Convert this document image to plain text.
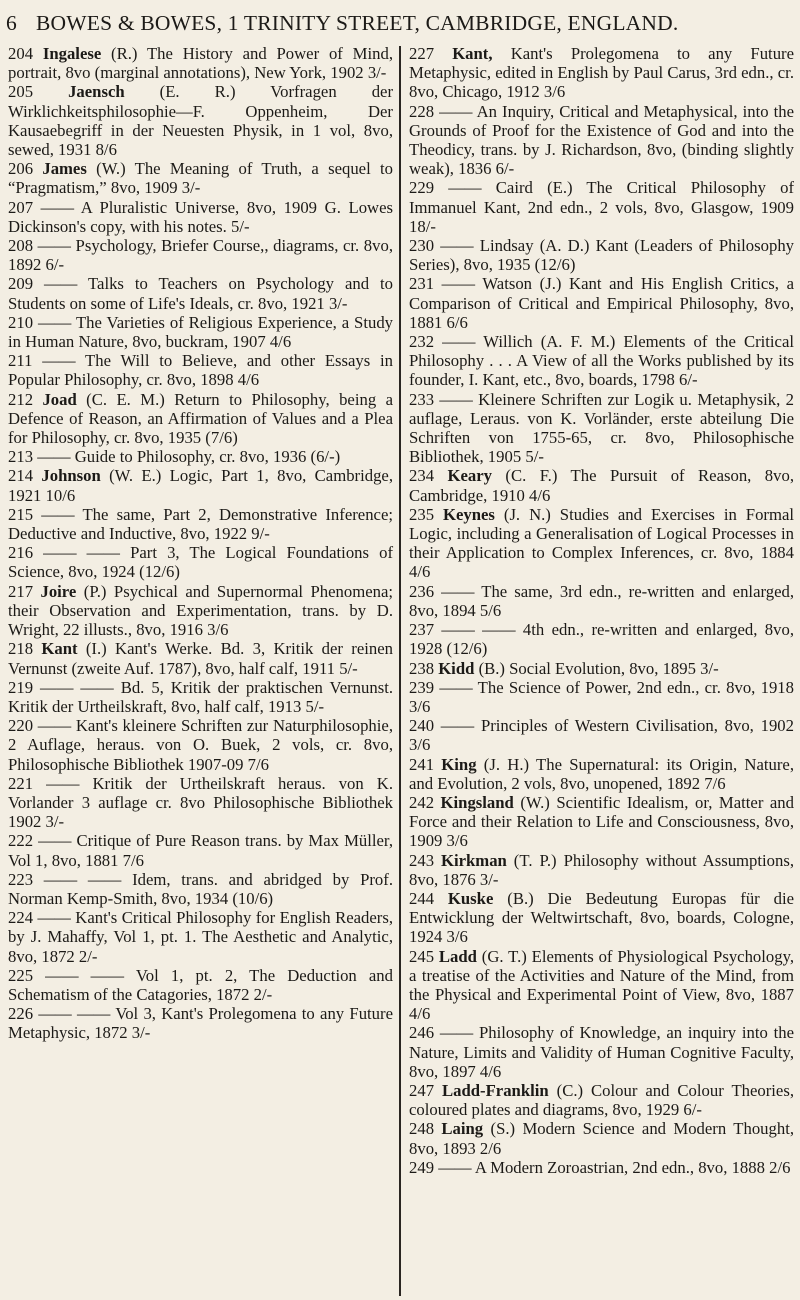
6 BOWES & BOWES, 1 TRINITY STREET, CAMBRIDGE, ENGLAND.

204 Ingalese (R.) The History and Power of Mind, portrait, 8vo (marginal annotations), New York, 1902 3/-

205 Jaensch (E. R.) Vorfragen der Wirklichkeitsphilosophie—F. Oppenheim, Der Kausaebegriff in der Neuesten Physik, in 1 vol, 8vo, sewed, 1931 8/6

206 James (W.) The Meaning of Truth, a sequel to “Pragmatism,” 8vo, 1909 3/-

207 —— A Pluralistic Universe, 8vo, 1909 G. Lowes Dickinson's copy, with his notes. 5/-

208 —— Psychology, Briefer Course,, diagrams, cr. 8vo, 1892 6/-

209 —— Talks to Teachers on Psychology and to Students on some of Life's Ideals, cr. 8vo, 1921 3/-

210 —— The Varieties of Religious Experience, a Study in Human Nature, 8vo, buckram, 1907 4/6

211 —— The Will to Believe, and other Essays in Popular Philosophy, cr. 8vo, 1898 4/6

212 Joad (C. E. M.) Return to Philosophy, being a Defence of Reason, an Affirmation of Values and a Plea for Philosophy, cr. 8vo, 1935 (7/6)

213 —— Guide to Philosophy, cr. 8vo, 1936 (6/-)

214 Johnson (W. E.) Logic, Part 1, 8vo, Cambridge, 1921 10/6

215 —— The same, Part 2, Demonstrative Inference; Deductive and Inductive, 8vo, 1922 9/-

216 —— —— Part 3, The Logical Foundations of Science, 8vo, 1924 (12/6)

217 Joire (P.) Psychical and Supernormal Phenomena; their Observation and Experimentation, trans. by D. Wright, 22 illusts., 8vo, 1916 3/6

218 Kant (I.) Kant's Werke. Bd. 3, Kritik der reinen Vernunst (zweite Auf. 1787), 8vo, half calf, 1911 5/-

219 —— —— Bd. 5, Kritik der praktischen Vernunst. Kritik der Urtheilskraft, 8vo, half calf, 1913 5/-

220 —— Kant's kleinere Schriften zur Naturphilosophie, 2 Auflage, heraus. von O. Buek, 2 vols, cr. 8vo, Philosophische Bibliothek 1907-09 7/6

221 —— Kritik der Urtheilskraft heraus. von K. Vorlander 3 auflage cr. 8vo Philosophische Bibliothek 1902 3/-

222 —— Critique of Pure Reason trans. by Max Müller, Vol 1, 8vo, 1881 7/6

223 —— —— Idem, trans. and abridged by Prof. Norman Kemp-Smith, 8vo, 1934 (10/6)

224 —— Kant's Critical Philosophy for English Readers, by J. Mahaffy, Vol 1, pt. 1. The Aesthetic and Analytic, 8vo, 1872 2/-

225 —— —— Vol 1, pt. 2, The Deduction and Schematism of the Catagories, 1872 2/-

226 —— —— Vol 3, Kant's Prolegomena to any Future Metaphysic, 1872 3/-

227 Kant, Kant's Prolegomena to any Future Metaphysic, edited in English by Paul Carus, 3rd edn., cr. 8vo, Chicago, 1912 3/6

228 —— An Inquiry, Critical and Metaphysical, into the Grounds of Proof for the Existence of God and into the Theodicy, trans. by J. Richardson, 8vo, (binding slightly weak), 1836 6/-

229 —— Caird (E.) The Critical Philosophy of Immanuel Kant, 2nd edn., 2 vols, 8vo, Glasgow, 1909 18/-

230 —— Lindsay (A. D.) Kant (Leaders of Philosophy Series), 8vo, 1935 (12/6)

231 —— Watson (J.) Kant and His English Critics, a Comparison of Critical and Empirical Philosophy, 8vo, 1881 6/6

232 —— Willich (A. F. M.) Elements of the Critical Philosophy . . . A View of all the Works published by its founder, I. Kant, etc., 8vo, boards, 1798 6/-

233 —— Kleinere Schriften zur Logik u. Metaphysik, 2 auflage, Leraus. von K. Vorländer, erste abteilung Die Schriften von 1755-65, cr. 8vo, Philosophische Bibliothek, 1905 5/-

234 Keary (C. F.) The Pursuit of Reason, 8vo, Cambridge, 1910 4/6

235 Keynes (J. N.) Studies and Exercises in Formal Logic, including a Generalisation of Logical Processes in their Application to Complex Inferences, cr. 8vo, 1884 4/6

236 —— The same, 3rd edn., re-written and enlarged, 8vo, 1894 5/6

237 —— —— 4th edn., re-written and enlarged, 8vo, 1928 (12/6)

238 Kidd (B.) Social Evolution, 8vo, 1895 3/-

239 —— The Science of Power, 2nd edn., cr. 8vo, 1918 3/6

240 —— Principles of Western Civilisation, 8vo, 1902 3/6

241 King (J. H.) The Supernatural: its Origin, Nature, and Evolution, 2 vols, 8vo, unopened, 1892 7/6

242 Kingsland (W.) Scientific Idealism, or, Matter and Force and their Relation to Life and Consciousness, 8vo, 1909 3/6

243 Kirkman (T. P.) Philosophy without Assumptions, 8vo, 1876 3/-

244 Kuske (B.) Die Bedeutung Europas für die Entwicklung der Weltwirtschaft, 8vo, boards, Cologne, 1924 3/6

245 Ladd (G. T.) Elements of Physiological Psychology, a treatise of the Activities and Nature of the Mind, from the Physical and Experimental Point of View, 8vo, 1887 4/6

246 —— Philosophy of Knowledge, an inquiry into the Nature, Limits and Validity of Human Cognitive Faculty, 8vo, 1897 4/6

247 Ladd-Franklin (C.) Colour and Colour Theories, coloured plates and diagrams, 8vo, 1929 6/-

248 Laing (S.) Modern Science and Modern Thought, 8vo, 1893 2/6

249 —— A Modern Zoroastrian, 2nd edn., 8vo, 1888 2/6
